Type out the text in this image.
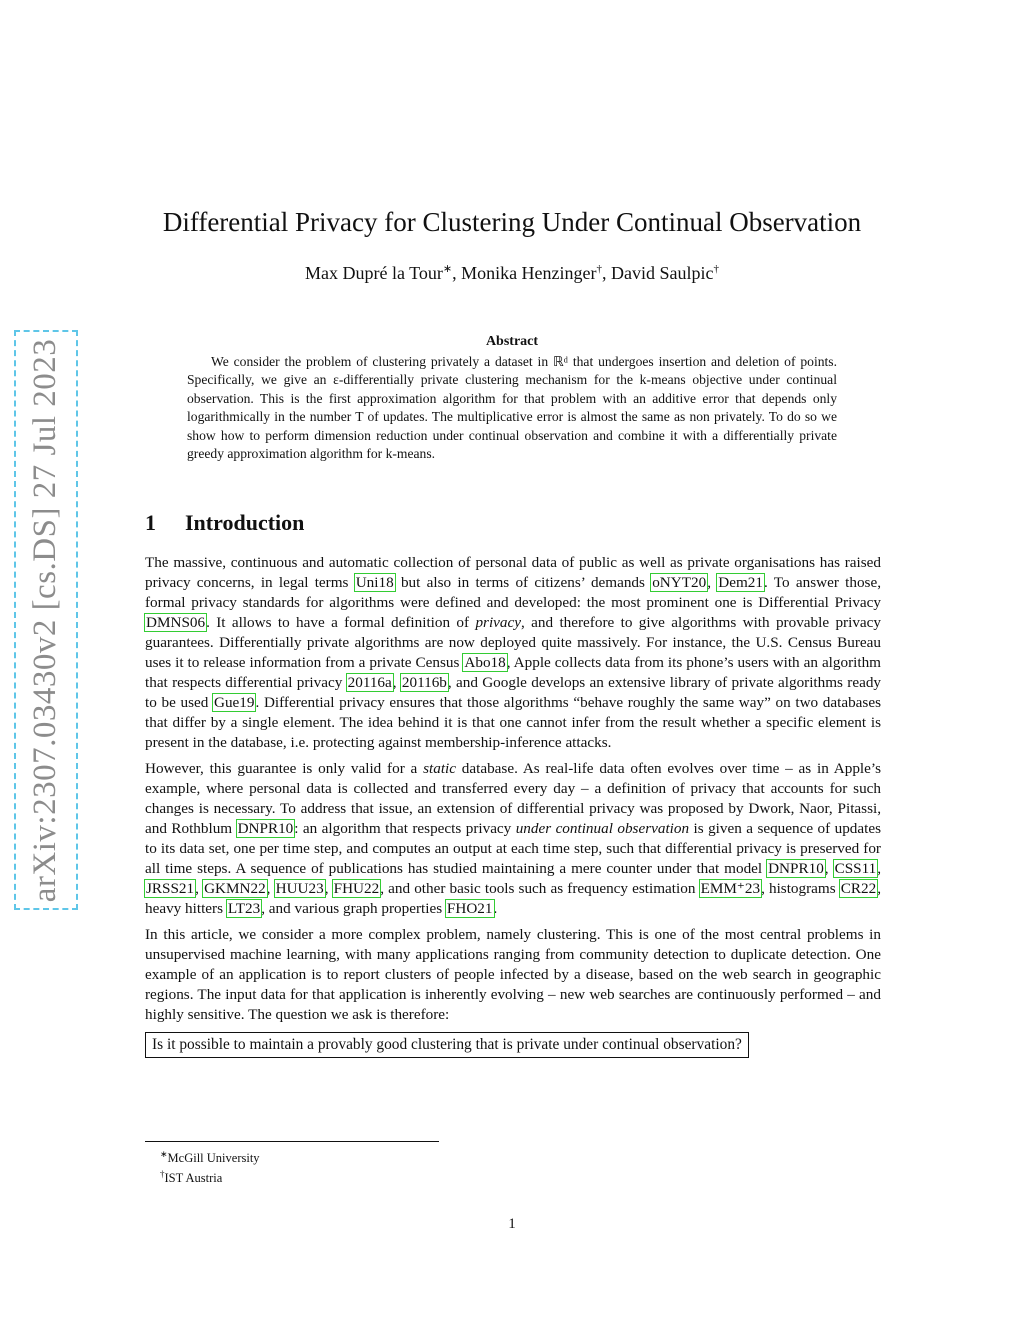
arXiv:2307.03430v2 [cs.DS] 27 Jul 2023
Differential Privacy for Clustering Under Continual Observation
Max Dupré la Tour∗, Monika Henzinger†, David Saulpic†
Abstract
We consider the problem of clustering privately a dataset in ℝᵈ that undergoes insertion and deletion of points. Specifically, we give an ε-differentially private clustering mechanism for the k-means objective under continual observation. This is the first approximation algorithm for that problem with an additive error that depends only logarithmically in the number T of updates. The multiplicative error is almost the same as non privately. To do so we show how to perform dimension reduction under continual observation and combine it with a differentially private greedy approximation algorithm for k-means.
1 Introduction

The massive, continuous and automatic collection of personal data of public as well as private organisations has raised privacy concerns, in legal terms Uni18 but also in terms of citizens’ demands oNYT20, Dem21. To answer those, formal privacy standards for algorithms were defined and developed: the most prominent one is Differential Privacy DMNS06. It allows to have a formal definition of privacy, and therefore to give algorithms with provable privacy guarantees. Differentially private algorithms are now deployed quite massively. For instance, the U.S. Census Bureau uses it to release information from a private Census Abo18, Apple collects data from its phone’s users with an algorithm that respects differential privacy 20116a, 20116b, and Google develops an extensive library of private algorithms ready to be used Gue19. Differential privacy ensures that those algorithms “behave roughly the same way” on two databases that differ by a single element. The idea behind it is that one cannot infer from the result whether a specific element is present in the database, i.e. protecting against membership-inference attacks.

However, this guarantee is only valid for a static database. As real-life data often evolves over time – as in Apple’s example, where personal data is collected and transferred every day – a definition of privacy that accounts for such changes is necessary. To address that issue, an extension of differential privacy was proposed by Dwork, Naor, Pitassi, and Rothblum DNPR10: an algorithm that respects privacy under continual observation is given a sequence of updates to its data set, one per time step, and computes an output at each time step, such that differential privacy is preserved for all time steps. A sequence of publications has studied maintaining a mere counter under that model DNPR10, CSS11, JRSS21, GKMN22, HUU23, FHU22, and other basic tools such as frequency estimation EMM⁺23, histograms CR22, heavy hitters LT23, and various graph properties FHO21.

In this article, we consider a more complex problem, namely clustering. This is one of the most central problems in unsupervised machine learning, with many applications ranging from community detection to duplicate detection. One example of an application is to report clusters of people infected by a disease, based on the web search in geographic regions. The input data for that application is inherently evolving – new web searches are continuously performed – and highly sensitive. The question we ask is therefore:

Is it possible to maintain a provably good clustering that is private under continual observation?
∗McGill University
†IST Austria
1
